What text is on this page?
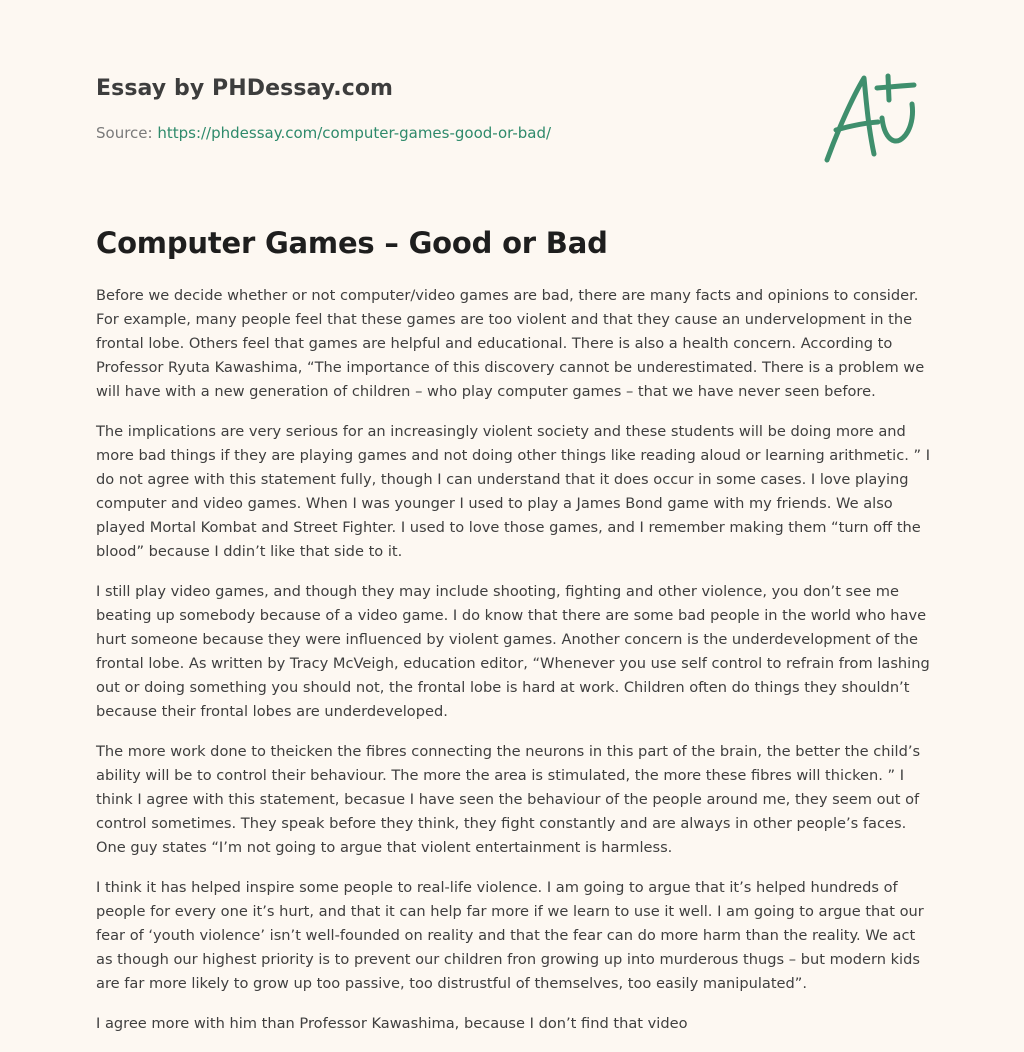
Essay by PHDessay.com
Source: https://phdessay.com/computer-games-good-or-bad/
Computer Games – Good or Bad

Before we decide whether or not computer/video games are bad, there are many facts and opinions to consider. For example, many people feel that these games are too violent and that they cause an undervelopment in the frontal lobe. Others feel that games are helpful and educational. There is also a health concern. According to Professor Ryuta Kawashima, “The importance of this discovery cannot be underestimated. There is a problem we will have with a new generation of children – who play computer games – that we have never seen before.

The implications are very serious for an increasingly violent society and these students will be doing more and more bad things if they are playing games and not doing other things like reading aloud or learning arithmetic. ” I do not agree with this statement fully, though I can understand that it does occur in some cases. I love playing computer and video games. When I was younger I used to play a James Bond game with my friends. We also played Mortal Kombat and Street Fighter. I used to love those games, and I remember making them “turn off the blood” because I ddin’t like that side to it.

I still play video games, and though they may include shooting, fighting and other violence, you don’t see me beating up somebody because of a video game. I do know that there are some bad people in the world who have hurt someone because they were influenced by violent games. Another concern is the underdevelopment of the frontal lobe. As written by Tracy McVeigh, education editor, “Whenever you use self control to refrain from lashing out or doing something you should not, the frontal lobe is hard at work. Children often do things they shouldn’t because their frontal lobes are underdeveloped.

The more work done to theicken the fibres connecting the neurons in this part of the brain, the better the child’s ability will be to control their behaviour. The more the area is stimulated, the more these fibres will thicken. ” I think I agree with this statement, becasue I have seen the behaviour of the people around me, they seem out of control sometimes. They speak before they think, they fight constantly and are always in other people’s faces. One guy states “I’m not going to argue that violent entertainment is harmless.

I think it has helped inspire some people to real-life violence. I am going to argue that it’s helped hundreds of people for every one it’s hurt, and that it can help far more if we learn to use it well. I am going to argue that our fear of ‘youth violence’ isn’t well-founded on reality and that the fear can do more harm than the reality. We act as though our highest priority is to prevent our children fron growing up into murderous thugs – but modern kids are far more likely to grow up too passive, too distrustful of themselves, too easily manipulated”.

I agree more with him than Professor Kawashima, because I don’t find that video
